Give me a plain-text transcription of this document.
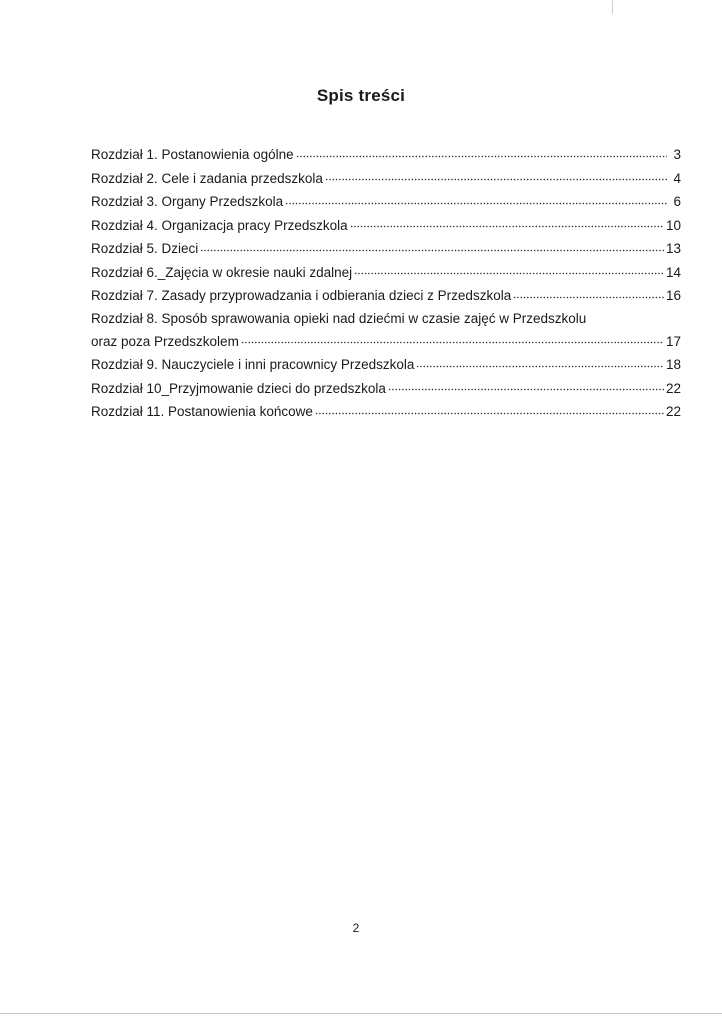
Spis treści
Rozdział 1. Postanowienia ogólne	3
Rozdział 2. Cele i zadania przedszkola	4
Rozdział 3. Organy Przedszkola	6
Rozdział 4. Organizacja pracy Przedszkola	10
Rozdział 5. Dzieci	13
Rozdział 6._Zajęcia w okresie nauki zdalnej	14
Rozdział 7. Zasady przyprowadzania i odbierania dzieci z Przedszkola	16
Rozdział 8. Sposób sprawowania opieki nad dziećmi w czasie zajęć w Przedszkolu
oraz poza Przedszkolem	17
Rozdział 9. Nauczyciele i inni pracownicy Przedszkola	18
Rozdział 10_Przyjmowanie dzieci do przedszkola	22
Rozdział 11. Postanowienia końcowe	22
2
